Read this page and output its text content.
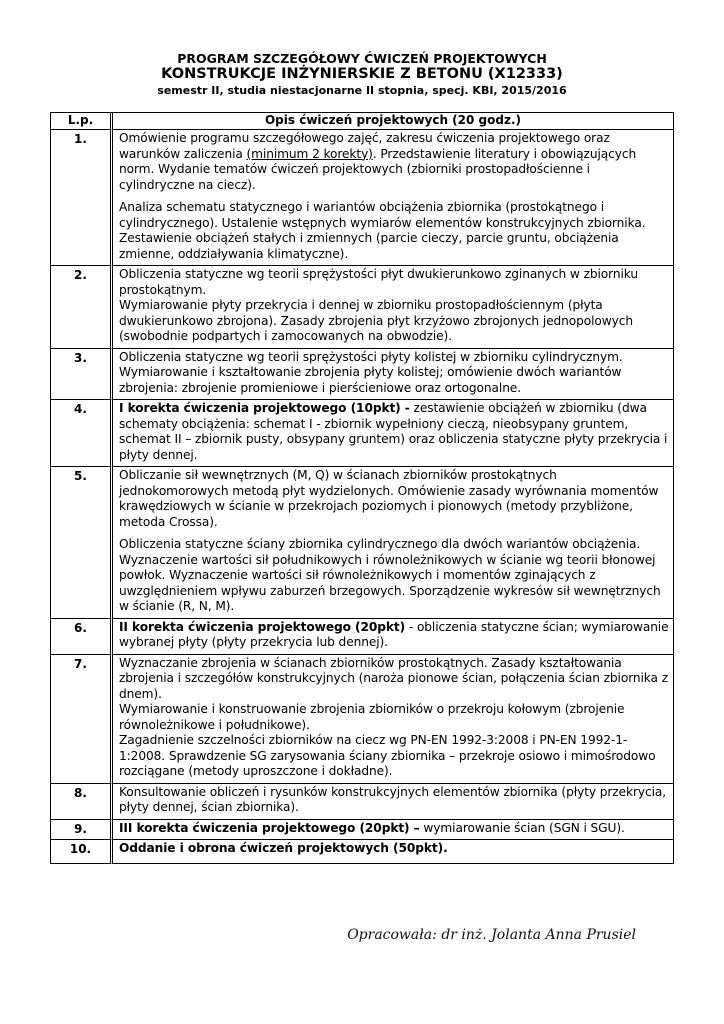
PROGRAM SZCZEGÓŁOWY ĆWICZEŃ PROJEKTOWYCH
KONSTRUKCJE INŻYNIERSKIE Z BETONU (X12333)
semestr II, studia niestacjonarne II stopnia, specj. KBI, 2015/2016
L.p.	Opis ćwiczeń projektowych (20 godz.)
1.	Omówienie programu szczegółowego zajęć, zakresu ćwiczenia projektowego oraz warunków zaliczenia (minimum 2 korekty). Przedstawienie literatury i obowiązujących norm. Wydanie tematów ćwiczeń projektowych (zbiorniki prostopadłościenne i cylindryczne na ciecz).

Analiza schematu statycznego i wariantów obciążenia zbiornika (prostokątnego i cylindrycznego). Ustalenie wstępnych wymiarów elementów konstrukcyjnych zbiornika. Zestawienie obciążeń stałych i zmiennych (parcie cieczy, parcie gruntu, obciążenia zmienne, oddziaływania klimatyczne).

2.	Obliczenia statyczne wg teorii sprężystości płyt dwukierunkowo zginanych w zbiorniku prostokątnym.

Wymiarowanie płyty przekrycia i dennej w zbiorniku prostopadłościennym (płyta dwukierunkowo zbrojona). Zasady zbrojenia płyt krzyżowo zbrojonych jednopolowych (swobodnie podpartych i zamocowanych na obwodzie).

3.	Obliczenia statyczne wg teorii sprężystości płyty kolistej w zbiorniku cylindrycznym. Wymiarowanie i kształtowanie zbrojenia płyty kolistej; omówienie dwóch wariantów zbrojenia: zbrojenie promieniowe i pierścieniowe oraz ortogonalne.

4.	I korekta ćwiczenia projektowego (10pkt) - zestawienie obciążeń w zbiorniku (dwa schematy obciążenia: schemat I - zbiornik wypełniony cieczą, nieobsypany gruntem, schemat II – zbiornik pusty, obsypany gruntem) oraz obliczenia statyczne płyty przekrycia i płyty dennej.

5.	Obliczanie sił wewnętrznych (M, Q) w ścianach zbiorników prostokątnych jednokomorowych metodą płyt wydzielonych. Omówienie zasady wyrównania momentów krawędziowych w ścianie w przekrojach poziomych i pionowych (metody przybliżone, metoda Crossa).

Obliczenia statyczne ściany zbiornika cylindrycznego dla dwóch wariantów obciążenia. Wyznaczenie wartości sił południkowych i równoleżnikowych w ścianie wg teorii błonowej powłok. Wyznaczenie wartości sił równoleżnikowych i momentów zginających z uwzględnieniem wpływu zaburzeń brzegowych. Sporządzenie wykresów sił wewnętrznych w ścianie (R, N, M).

6.	II korekta ćwiczenia projektowego (20pkt) - obliczenia statyczne ścian; wymiarowanie wybranej płyty (płyty przekrycia lub dennej).

7.	Wyznaczanie zbrojenia w ścianach zbiorników prostokątnych. Zasady kształtowania zbrojenia i szczegółów konstrukcyjnych (naroża pionowe ścian, połączenia ścian zbiornika z dnem).

Wymiarowanie i konstruowanie zbrojenia zbiorników o przekroju kołowym (zbrojenie równoleżnikowe i południkowe).

Zagadnienie szczelności zbiorników na ciecz wg PN-EN 1992-3:2008 i PN-EN 1992-1-1:2008. Sprawdzenie SG zarysowania ściany zbiornika – przekroje osiowo i mimośrodowo rozciągane (metody uproszczone i dokładne).

8.	Konsultowanie obliczeń i rysunków konstrukcyjnych elementów zbiornika (płyty przekrycia, płyty dennej, ścian zbiornika).

9.	III korekta ćwiczenia projektowego (20pkt) – wymiarowanie ścian (SGN i SGU).

10.	Oddanie i obrona ćwiczeń projektowych (50pkt).

Opracowała: dr inż. Jolanta Anna Prusiel
